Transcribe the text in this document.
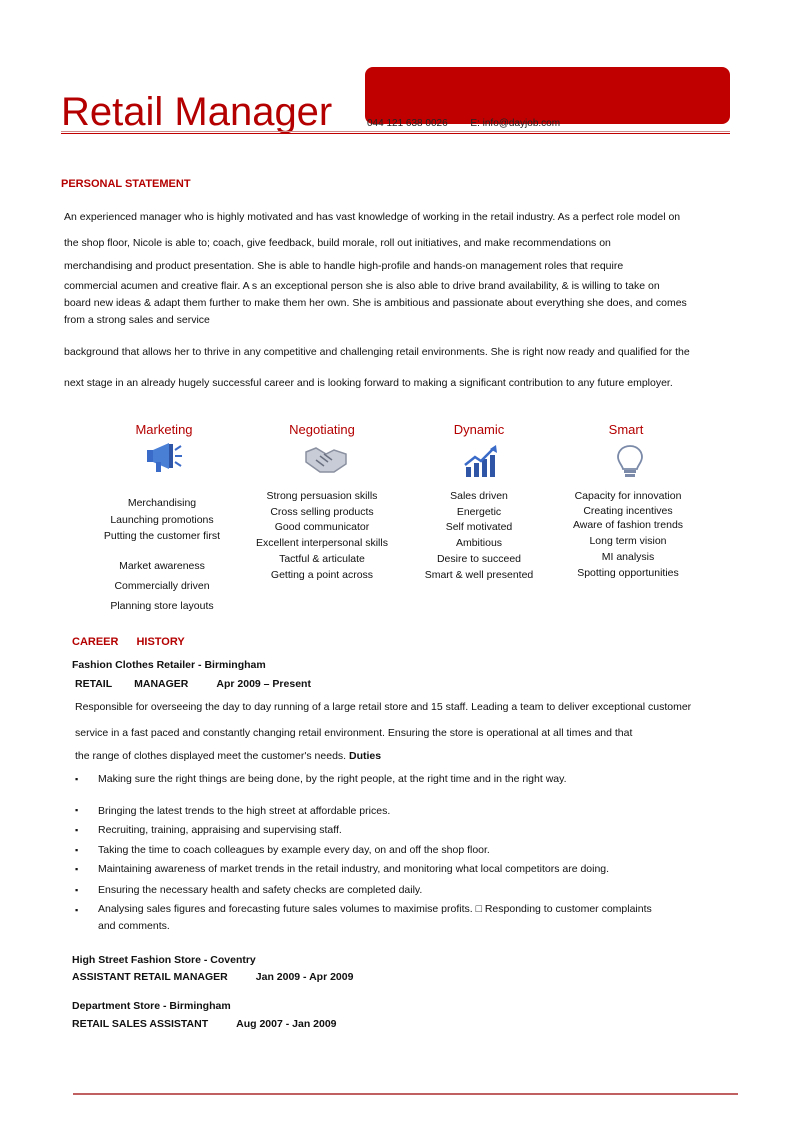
Retail Manager	044 121 638 0026 E: info@dayjob.com
PERSONAL STATEMENT
An experienced manager who is highly motivated and has vast knowledge of working in the retail industry. As a perfect role model on
the shop floor, Nicole is able to; coach, give feedback, build morale, roll out initiatives, and make recommendations on
merchandising and product presentation. She is able to handle high-profile and hands-on management roles that require
commercial acumen and creative flair. A s an exceptional person she is also able to drive brand availability, & is willing to take on
board new ideas & adapt them further to make them her own. She is ambitious and passionate about everything she does, and comes
from a strong sales and service
background that allows her to thrive in any competitive and challenging retail environments. She is right now ready and qualified for the
next stage in an already hugely successful career and is looking forward to making a significant contribution to any future employer.
Marketing
Merchandising
Launching promotions
Putting the customer first
Market awareness
Commercially driven
Planning store layouts
Negotiating
Strong persuasion skills
Cross selling products
Good communicator
Excellent interpersonal skills
Tactful & articulate
Getting a point across
Dynamic
Sales driven
Energetic
Self motivated
Ambitious
Desire to succeed
Smart & well presented
Smart
Capacity for innovation
Creating incentives
Aware of fashion trends
Long term vision
MI analysis
Spotting opportunities
CAREER HISTORY
Fashion Clothes Retailer - Birmingham
RETAIL MANAGER	Apr 2009 – Present
Responsible for overseeing the day to day running of a large retail store and 15 staff. Leading a team to deliver exceptional customer
service in a fast paced and constantly changing retail environment. Ensuring the store is operational at all times and that
the range of clothes displayed meet the customer's needs. Duties
▪ Making sure the right things are being done, by the right people, at the right time and in the right way.
▪ Bringing the latest trends to the high street at affordable prices.
▪ Recruiting, training, appraising and supervising staff.
▪ Taking the time to coach colleagues by example every day, on and off the shop floor.
▪ Maintaining awareness of market trends in the retail industry, and monitoring what local competitors are doing.
▪ Ensuring the necessary health and safety checks are completed daily.
▪ Analysing sales figures and forecasting future sales volumes to maximise profits. □ Responding to customer complaints
and comments.
High Street Fashion Store - Coventry
ASSISTANT RETAIL MANAGER	Jan 2009 - Apr 2009
Department Store - Birmingham
RETAIL SALES ASSISTANT	Aug 2007 - Jan 2009
